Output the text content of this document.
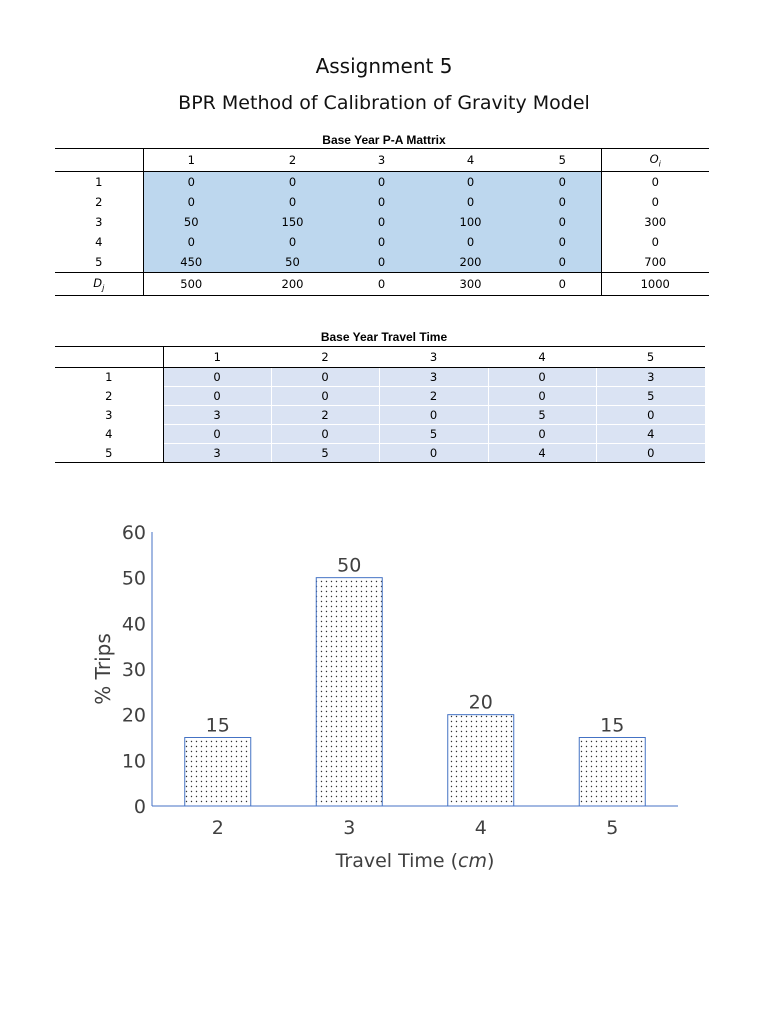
Assignment 5
BPR Method of Calibration of Gravity Model
Base Year P-A Mattrix
	1	2	3	4	5	$O_i$
1	0	0	0	0	0	0
2	0	0	0	0	0	0
3	50	150	0	100	0	300
4	0	0	0	0	0	0
5	450	50	0	200	0	700
$D_j$	500	200	0	300	0	1000
Base Year Travel Time
	1	2	3	4	5
1	0	0	3	0	3
2	0	0	2	0	5
3	3	2	0	5	0
4	0	0	5	0	4
5	3	5	0	4	0
0
10
20
30
40
50
60
2	3	4	5
15
50
20
15
% Trips
Travel Time (cm)
